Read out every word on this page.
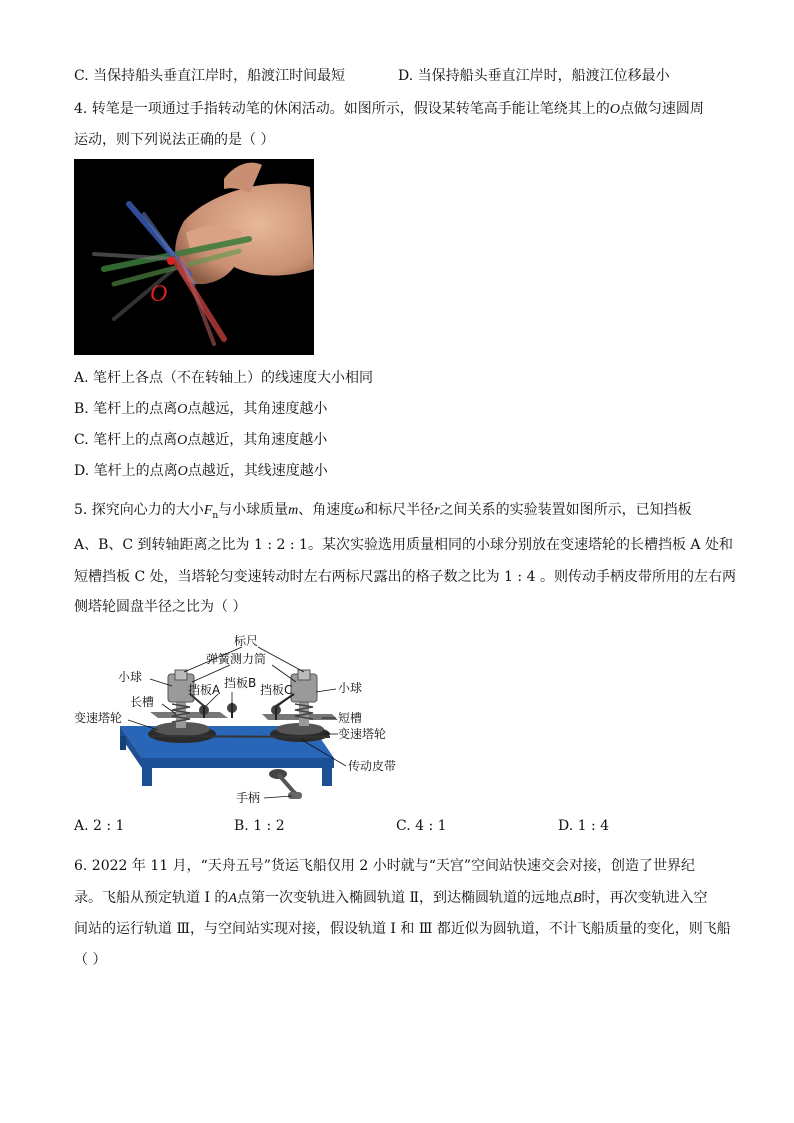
C. 当保持船头垂直江岸时，船渡江时间最短	D. 当保持船头垂直江岸时，船渡江位移最小
4. 转笔是一项通过手指转动笔的休闲活动。如图所示，假设某转笔高手能让笔绕其上的O点做匀速圆周
运动，则下列说法正确的是（ ）
O
A. 笔杆上各点（不在转轴上）的线速度大小相同
B. 笔杆上的点离O点越远，其角速度越小
C. 笔杆上的点离O点越近，其角速度越小
D. 笔杆上的点离O点越近，其线速度越小
5. 探究向心力的大小$F_n$与小球质量m、角速度ω和标尺半径r之间关系的实验装置如图所示，已知挡板
A、B、C 到转轴距离之比为 1 : 2 : 1。某次实验选用质量相同的小球分别放在变速塔轮的长槽挡板 A 处和
短槽挡板 C 处，当塔轮匀变速转动时左右两标尺露出的格子数之比为 1 : 4 。则传动手柄皮带所用的左右两
侧塔轮圆盘半径之比为（ ）
标尺
小球
弹簧测力筒
挡板A 挡板B 挡板C	小球
长槽
短槽
变速塔轮
变速塔轮
传动皮带
手柄
A. 2 : 1	B. 1 : 2	C. 4 : 1	D. 1 : 4
6. 2022 年 11 月，“天舟五号”货运飞船仅用 2 小时就与“天宫”空间站快速交会对接，创造了世界纪
录。飞船从预定轨道 Ⅰ 的A点第一次变轨进入椭圆轨道 Ⅱ，到达椭圆轨道的远地点B时，再次变轨进入空
间站的运行轨道 Ⅲ，与空间站实现对接，假设轨道 Ⅰ 和 Ⅲ 都近似为圆轨道，不计飞船质量的变化，则飞船
（ ）
